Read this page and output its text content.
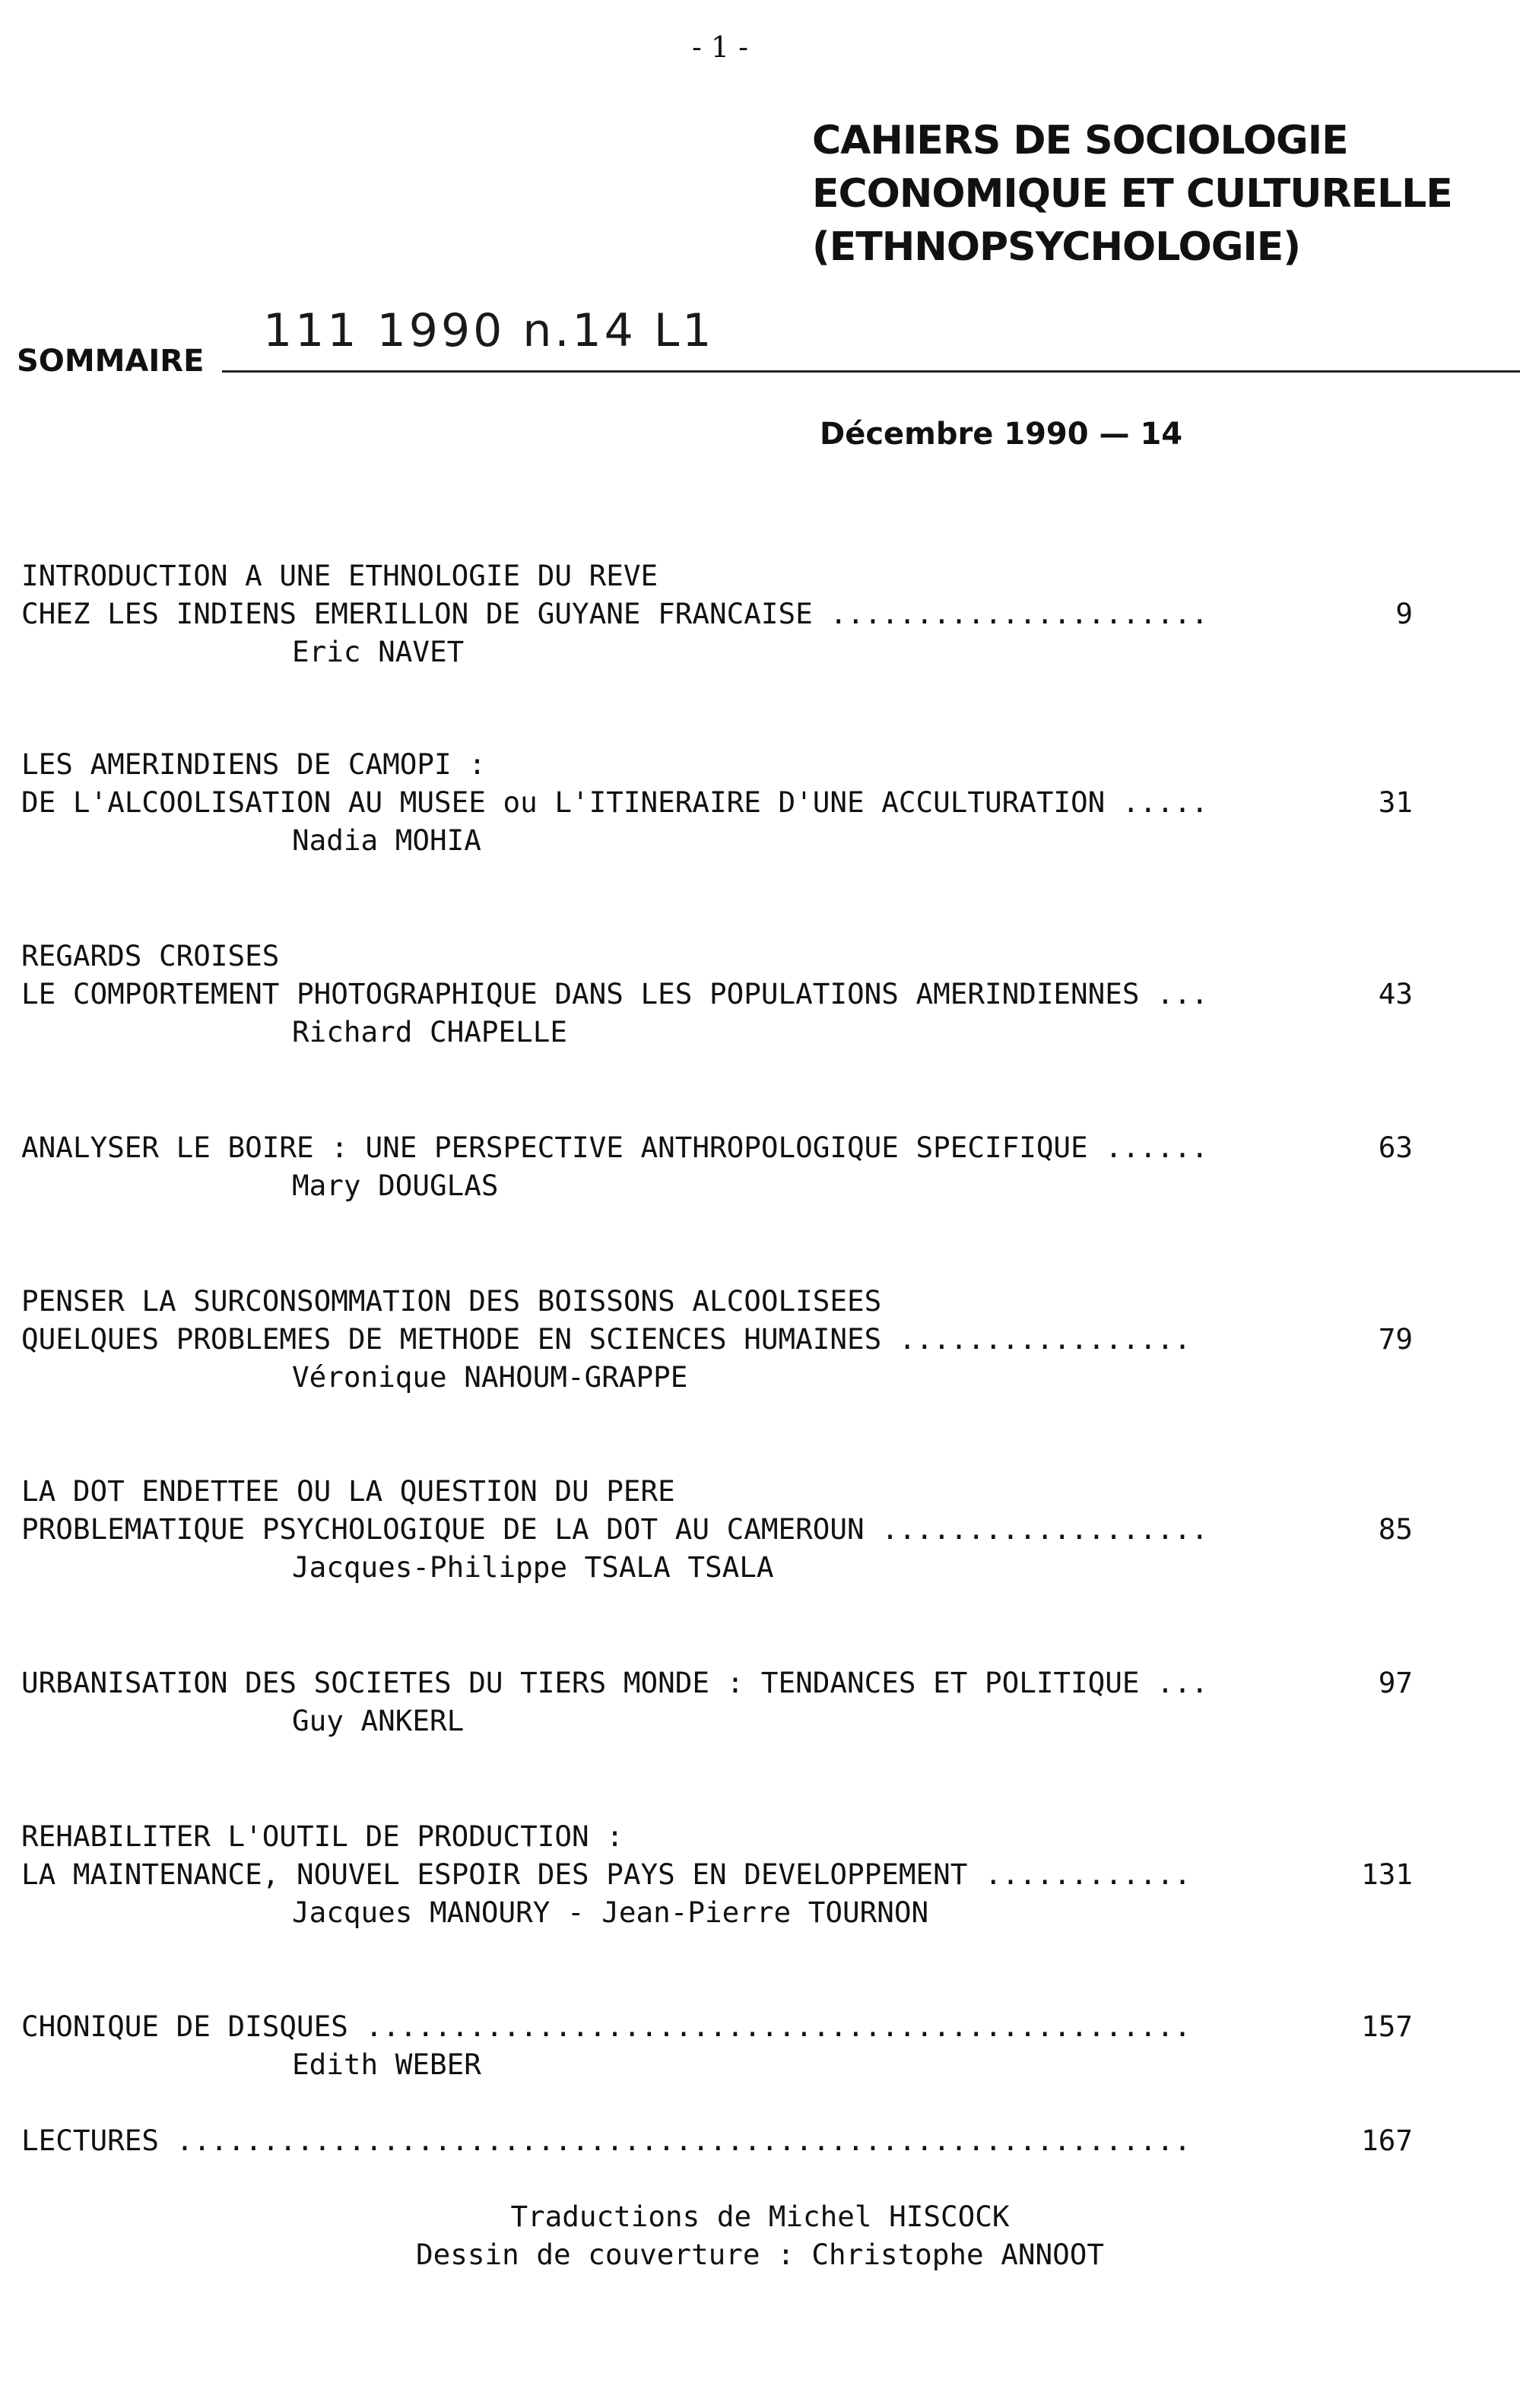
- 1 -
CAHIERS DE SOCIOLOGIE
ECONOMIQUE ET CULTURELLE
(ETHNOPSYCHOLOGIE)
SOMMAIRE
111 1990 n.14 L1
Décembre 1990 — 14
INTRODUCTION A UNE ETHNOLOGIE DU REVE
CHEZ LES INDIENS EMERILLON DE GUYANE FRANCAISE ......................	9
Eric NAVET
LES AMERINDIENS DE CAMOPI :
DE L'ALCOOLISATION AU MUSEE ou L'ITINERAIRE D'UNE ACCULTURATION .....	31
Nadia MOHIA
REGARDS CROISES
LE COMPORTEMENT PHOTOGRAPHIQUE DANS LES POPULATIONS AMERINDIENNES ...	43
Richard CHAPELLE
ANALYSER LE BOIRE : UNE PERSPECTIVE ANTHROPOLOGIQUE SPECIFIQUE ......	63
Mary DOUGLAS
PENSER LA SURCONSOMMATION DES BOISSONS ALCOOLISEES
QUELQUES PROBLEMES DE METHODE EN SCIENCES HUMAINES .................	79
Véronique NAHOUM-GRAPPE
LA DOT ENDETTEE OU LA QUESTION DU PERE
PROBLEMATIQUE PSYCHOLOGIQUE DE LA DOT AU CAMEROUN ...................	85
Jacques-Philippe TSALA TSALA
URBANISATION DES SOCIETES DU TIERS MONDE : TENDANCES ET POLITIQUE ...	97
Guy ANKERL
REHABILITER L'OUTIL DE PRODUCTION :
LA MAINTENANCE, NOUVEL ESPOIR DES PAYS EN DEVELOPPEMENT ............	131
Jacques MANOURY - Jean-Pierre TOURNON
CHONIQUE DE DISQUES ................................................	157
Edith WEBER
LECTURES ...........................................................	167
Traductions de Michel HISCOCK
Dessin de couverture : Christophe ANNOOT
